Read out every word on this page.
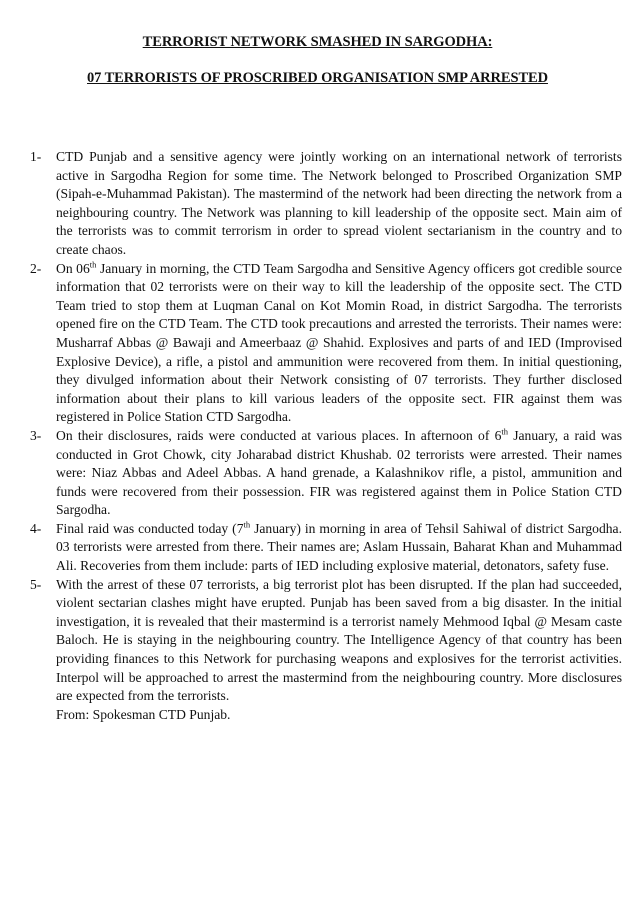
TERRORIST NETWORK SMASHED IN SARGODHA:
07 TERRORISTS OF PROSCRIBED ORGANISATION SMP ARRESTED
1-	CTD Punjab and a sensitive agency were jointly working on an international network of terrorists active in Sargodha Region for some time. The Network belonged to Proscribed Organization SMP (Sipah-e-Muhammad Pakistan). The mastermind of the network had been directing the network from a neighbouring country. The Network was planning to kill leadership of the opposite sect. Main aim of the terrorists was to commit terrorism in order to spread violent sectarianism in the country and to create chaos.
2-	On 06th January in morning, the CTD Team Sargodha and Sensitive Agency officers got credible source information that 02 terrorists were on their way to kill the leadership of the opposite sect. The CTD Team tried to stop them at Luqman Canal on Kot Momin Road, in district Sargodha. The terrorists opened fire on the CTD Team. The CTD took precautions and arrested the terrorists. Their names were: Musharraf Abbas @ Bawaji and Ameerbaaz @ Shahid. Explosives and parts of and IED (Improvised Explosive Device), a rifle, a pistol and ammunition were recovered from them. In initial questioning, they divulged information about their Network consisting of 07 terrorists. They further disclosed information about their plans to kill various leaders of the opposite sect. FIR against them was registered in Police Station CTD Sargodha.
3-	On their disclosures, raids were conducted at various places. In afternoon of 6th January, a raid was conducted in Grot Chowk, city Joharabad district Khushab. 02 terrorists were arrested. Their names were: Niaz Abbas and Adeel Abbas. A hand grenade, a Kalashnikov rifle, a pistol, ammunition and funds were recovered from their possession. FIR was registered against them in Police Station CTD Sargodha.
4-	Final raid was conducted today (7th January) in morning in area of Tehsil Sahiwal of district Sargodha. 03 terrorists were arrested from there. Their names are; Aslam Hussain, Baharat Khan and Muhammad Ali. Recoveries from them include: parts of IED including explosive material, detonators, safety fuse.
5-	With the arrest of these 07 terrorists, a big terrorist plot has been disrupted. If the plan had succeeded, violent sectarian clashes might have erupted. Punjab has been saved from a big disaster. In the initial investigation, it is revealed that their mastermind is a terrorist namely Mehmood Iqbal @ Mesam caste Baloch. He is staying in the neighbouring country. The Intelligence Agency of that country has been providing finances to this Network for purchasing weapons and explosives for the terrorist activities. Interpol will be approached to arrest the mastermind from the neighbouring country. More disclosures are expected from the terrorists.
From: Spokesman CTD Punjab.
